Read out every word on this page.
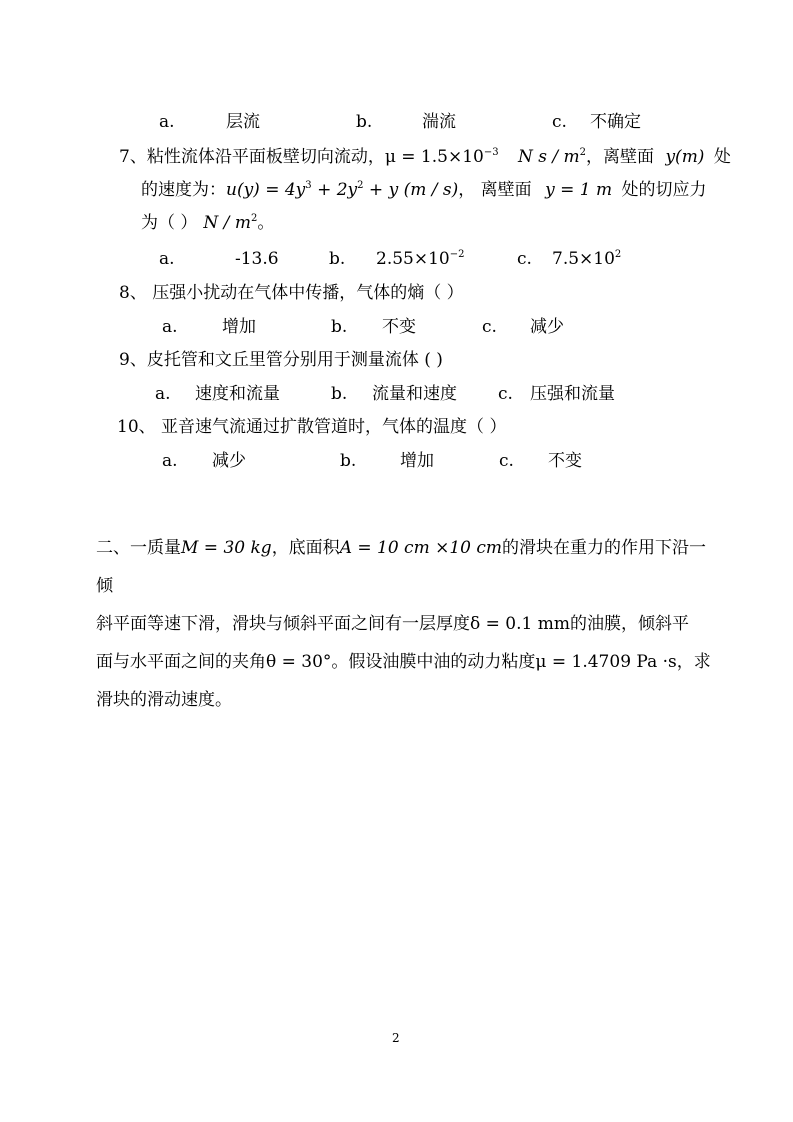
a.	层流	b.	湍流	c. 不确定
7、粘性流体沿平面板壁切向流动，$\mu = 1.5\times 10^{-3}$ N s / $m^2$，离壁面 y(m) 处
的速度为：$u(y) = 4y^3 + 2y^2 + y$ (m / s)， 离壁面 y = 1 m 处的切应力
为（ ） N / $m^2$。
a.	-13.6	b. $2.55\times 10^{-2}$	c. $7.5\times 10^2$
8、 压强小扰动在气体中传播，气体的熵（ ）
a.	增加	b. 不变	c. 减少
9、皮托管和文丘里管分别用于测量流体 ( )
a. 速度和流量	b. 流量和速度 c. 压强和流量
10、 亚音速气流通过扩散管道时，气体的温度（ ）
a. 减少	b.	增加	c. 不变
二、一质量M = 30 kg，底面积A = 10 cm ×10 cm的滑块在重力的作用下沿一倾
斜平面等速下滑，滑块与倾斜平面之间有一层厚度δ = 0.1 mm的油膜，倾斜平
面与水平面之间的夹角θ = 30°。假设油膜中油的动力粘度μ = 1.4709 Pa ·s，求
滑块的滑动速度。
2
